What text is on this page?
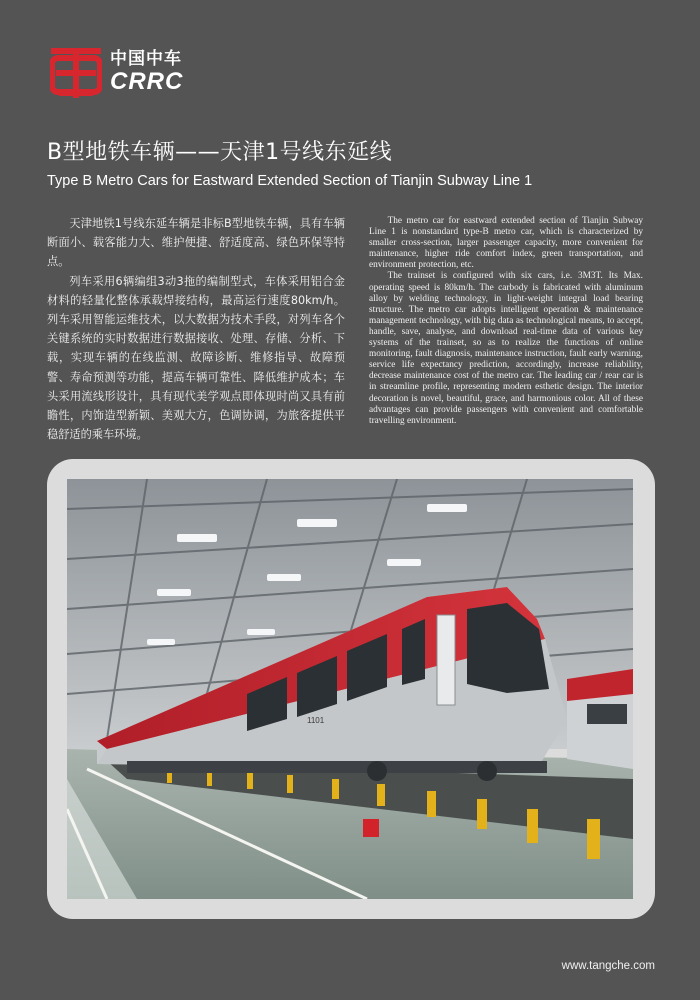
中国中车
CRRC
B型地铁车辆——天津1号线东延线
Type B Metro Cars for Eastward Extended Section of Tianjin Subway Line 1

天津地铁1号线东延车辆是非标B型地铁车辆，具有车辆断面小、载客能力大、维护便捷、舒适度高、绿色环保等特点。

列车采用6辆编组3动3拖的编制型式，车体采用铝合金材料的轻量化整体承载焊接结构，最高运行速度80km/h。列车采用智能运维技术，以大数据为技术手段，对列车各个关键系统的实时数据进行数据接收、处理、存储、分析、下载，实现车辆的在线监测、故障诊断、维修指导、故障预警、寿命预测等功能，提高车辆可靠性、降低维护成本；车头采用流线形设计，具有现代美学观点即体现时尚又具有前瞻性，内饰造型新颖、美观大方，色调协调，为旅客提供平稳舒适的乘车环境。

The metro car for eastward extended section of Tianjin Subway Line 1 is nonstandard type-B metro car, which is characterized by smaller cross-section, larger passenger capacity, more convenient for maintenance, higher ride comfort index, green transportation, and environment protection, etc.

The trainset is configured with six cars, i.e. 3M3T. Its Max. operating speed is 80km/h. The carbody is fabricated with aluminum alloy by welding technology, in light-weight integral load bearing structure. The metro car adopts intelligent operation & maintenance management technology, with big data as technological means, to accept, handle, save, analyse, and download real-time data of various key systems of the trainset, so as to realize the functions of online monitoring, fault diagnosis, maintenance instruction, fault early warning, service life expectancy prediction, accordingly, increase reliability, decrease maintenance cost of the metro car. The leading car / rear car is in streamline profile, representing modern esthetic design. The interior decoration is novel, beautiful, grace, and harmonious color. All of these advantages can provide passengers with convenient and comfortable travelling environment.

1101
www.tangche.com
